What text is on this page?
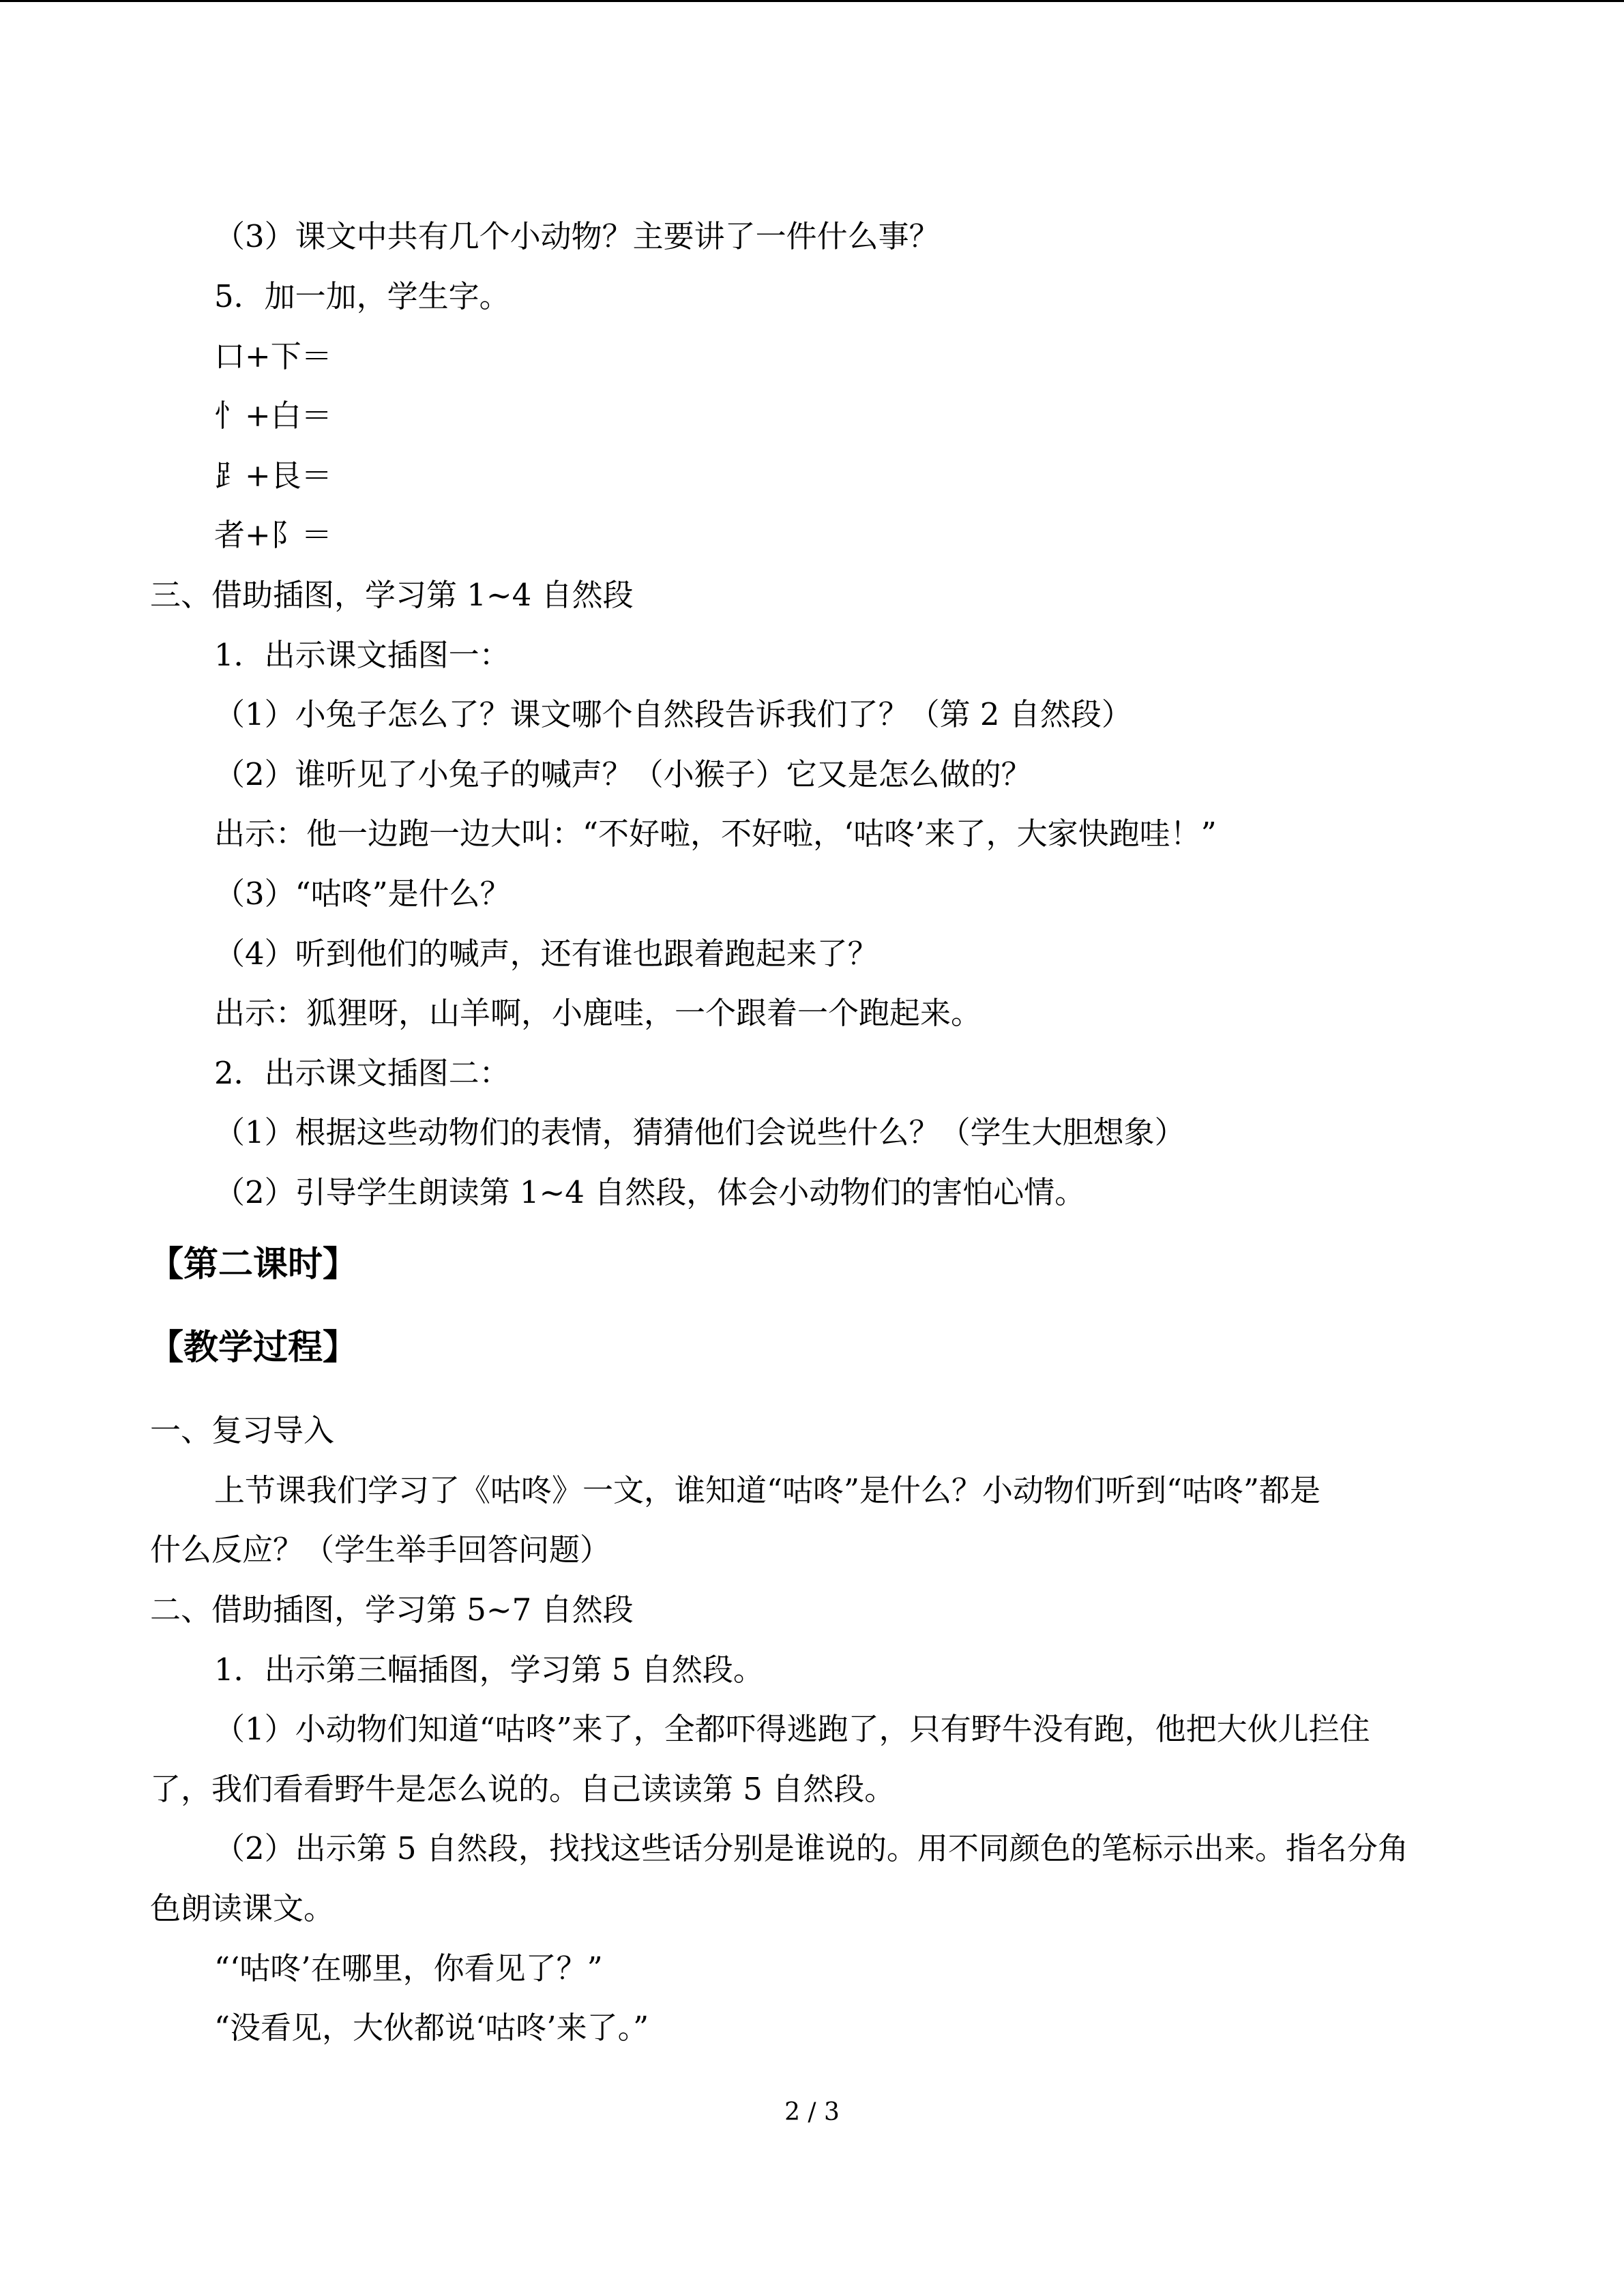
（3）课文中共有几个小动物？主要讲了一件什么事？
5．加一加，学生字。
口+下＝
忄+白＝
⻊+艮＝
者+阝＝
三、借助插图，学习第 1~4 自然段
1．出示课文插图一：
（1）小兔子怎么了？课文哪个自然段告诉我们了？（第 2 自然段）
（2）谁听见了小兔子的喊声？（小猴子）它又是怎么做的？
出示：他一边跑一边大叫：“不好啦，不好啦，‘咕咚’来了，大家快跑哇！”
（3）“咕咚”是什么？
（4）听到他们的喊声，还有谁也跟着跑起来了？
出示：狐狸呀，山羊啊，小鹿哇，一个跟着一个跑起来。
2．出示课文插图二：
（1）根据这些动物们的表情，猜猜他们会说些什么？（学生大胆想象）
（2）引导学生朗读第 1~4 自然段，体会小动物们的害怕心情。
【第二课时】
【教学过程】
一、复习导入
上节课我们学习了《咕咚》一文，谁知道“咕咚”是什么？小动物们听到“咕咚”都是
什么反应？（学生举手回答问题）
二、借助插图，学习第 5~7 自然段
1．出示第三幅插图，学习第 5 自然段。
（1）小动物们知道“咕咚”来了，全都吓得逃跑了，只有野牛没有跑，他把大伙儿拦住
了，我们看看野牛是怎么说的。自己读读第 5 自然段。
（2）出示第 5 自然段，找找这些话分别是谁说的。用不同颜色的笔标示出来。指名分角
色朗读课文。
“‘咕咚’在哪里，你看见了？”
“没看见，大伙都说‘咕咚’来了。”
2 / 3
